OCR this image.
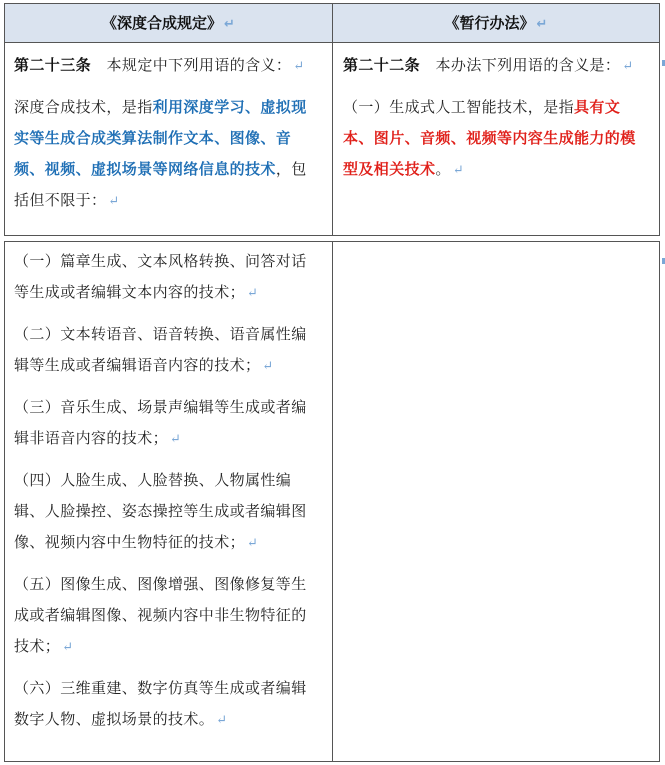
《深度合成规定》 ↵	《暂行办法》 ↵

第二十三条 本规定中下列用语的含义： ↵

深度合成技术，是指利用深度学习、虚拟现实等生成合成类算法制作文本、图像、音频、视频、虚拟场景等网络信息的技术，包括但不限于： ↵

第二十二条 本办法下列用语的含义是： ↵

（一）生成式人工智能技术，是指具有文本、图片、音频、视频等内容生成能力的模型及相关技术。 ↵

（一）篇章生成、文本风格转换、问答对话等生成或者编辑文本内容的技术； ↵

（二）文本转语音、语音转换、语音属性编辑等生成或者编辑语音内容的技术； ↵

（三）音乐生成、场景声编辑等生成或者编辑非语音内容的技术； ↵

（四）人脸生成、人脸替换、人物属性编辑、人脸操控、姿态操控等生成或者编辑图像、视频内容中生物特征的技术； ↵

（五）图像生成、图像增强、图像修复等生成或者编辑图像、视频内容中非生物特征的技术； ↵

（六）三维重建、数字仿真等生成或者编辑数字人物、虚拟场景的技术。 ↵
